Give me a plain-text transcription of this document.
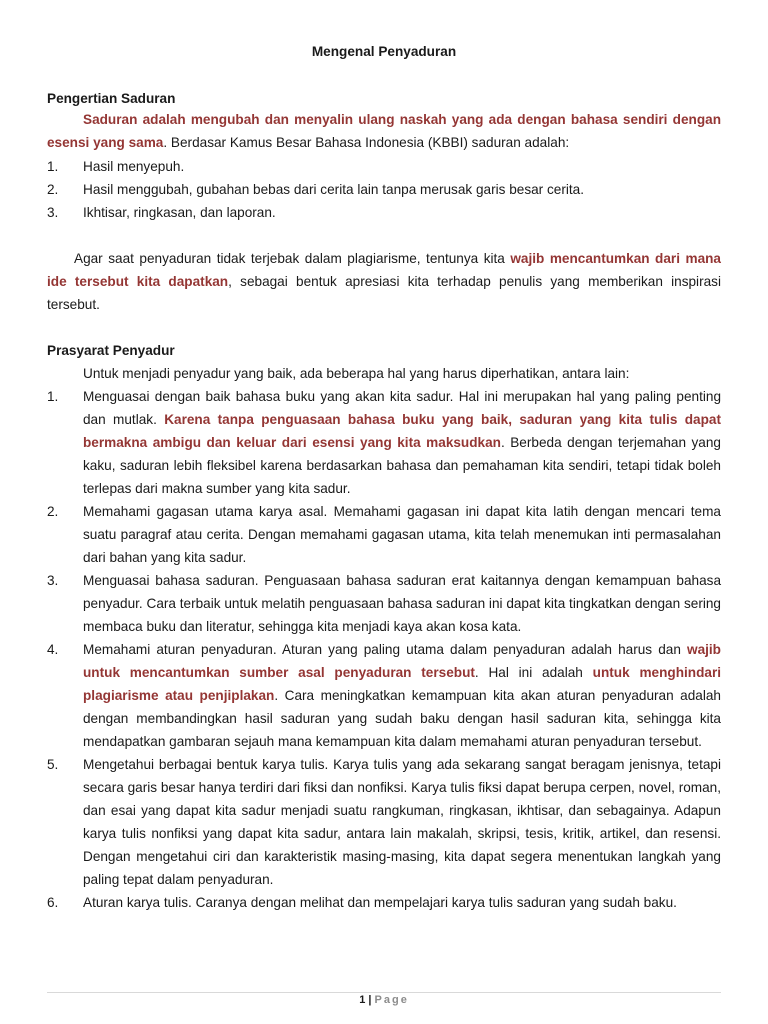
Mengenal Penyaduran
Pengertian Saduran

Saduran adalah mengubah dan menyalin ulang naskah yang ada dengan bahasa sendiri dengan esensi yang sama. Berdasar Kamus Besar Bahasa Indonesia (KBBI) saduran adalah:

1. Hasil menyepuh.
2. Hasil menggubah, gubahan bebas dari cerita lain tanpa merusak garis besar cerita.
3. Ikhtisar, ringkasan, dan laporan.

Agar saat penyaduran tidak terjebak dalam plagiarisme, tentunya kita wajib mencantumkan dari mana ide tersebut kita dapatkan, sebagai bentuk apresiasi kita terhadap penulis yang memberikan inspirasi tersebut.

Prasyarat Penyadur
Untuk menjadi penyadur yang baik, ada beberapa hal yang harus diperhatikan, antara lain:
1. Menguasai dengan baik bahasa buku yang akan kita sadur. Hal ini merupakan hal yang paling penting dan mutlak. Karena tanpa penguasaan bahasa buku yang baik, saduran yang kita tulis dapat bermakna ambigu dan keluar dari esensi yang kita maksudkan. Berbeda dengan terjemahan yang kaku, saduran lebih fleksibel karena berdasarkan bahasa dan pemahaman kita sendiri, tetapi tidak boleh terlepas dari makna sumber yang kita sadur.
2. Memahami gagasan utama karya asal. Memahami gagasan ini dapat kita latih dengan mencari tema suatu paragraf atau cerita. Dengan memahami gagasan utama, kita telah menemukan inti permasalahan dari bahan yang kita sadur.
3. Menguasai bahasa saduran. Penguasaan bahasa saduran erat kaitannya dengan kemampuan bahasa penyadur. Cara terbaik untuk melatih penguasaan bahasa saduran ini dapat kita tingkatkan dengan sering membaca buku dan literatur, sehingga kita menjadi kaya akan kosa kata.
4. Memahami aturan penyaduran. Aturan yang paling utama dalam penyaduran adalah harus dan wajib untuk mencantumkan sumber asal penyaduran tersebut. Hal ini adalah untuk menghindari plagiarisme atau penjiplakan. Cara meningkatkan kemampuan kita akan aturan penyaduran adalah dengan membandingkan hasil saduran yang sudah baku dengan hasil saduran kita, sehingga kita mendapatkan gambaran sejauh mana kemampuan kita dalam memahami aturan penyaduran tersebut.
5. Mengetahui berbagai bentuk karya tulis. Karya tulis yang ada sekarang sangat beragam jenisnya, tetapi secara garis besar hanya terdiri dari fiksi dan nonfiksi. Karya tulis fiksi dapat berupa cerpen, novel, roman, dan esai yang dapat kita sadur menjadi suatu rangkuman, ringkasan, ikhtisar, dan sebagainya. Adapun karya tulis nonfiksi yang dapat kita sadur, antara lain makalah, skripsi, tesis, kritik, artikel, dan resensi. Dengan mengetahui ciri dan karakteristik masing-masing, kita dapat segera menentukan langkah yang paling tepat dalam penyaduran.
6. Aturan karya tulis. Caranya dengan melihat dan mempelajari karya tulis saduran yang sudah baku.
1 | Page
